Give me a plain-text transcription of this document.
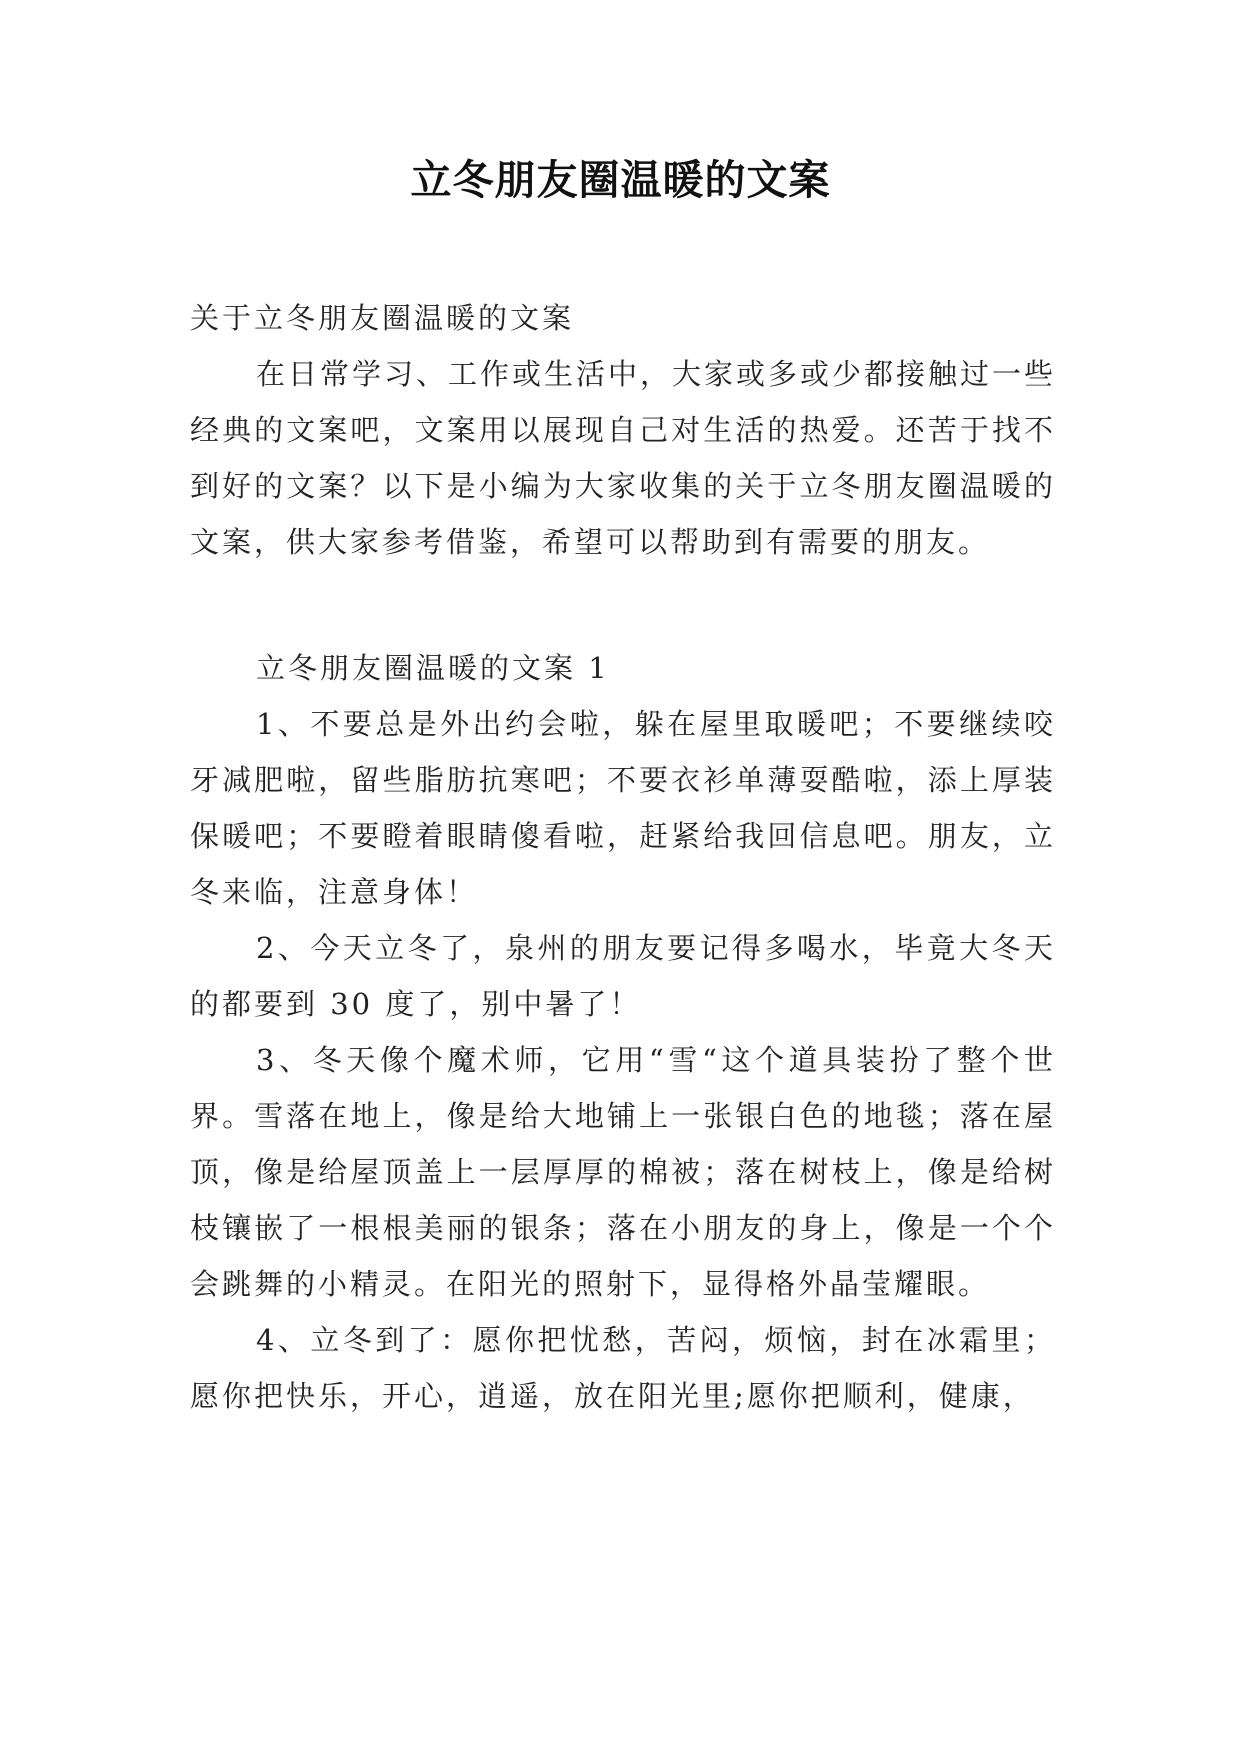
立冬朋友圈温暖的文案

关于立冬朋友圈温暖的文案

在日常学习、工作或生活中，大家或多或少都接触过一些经典的文案吧，文案用以展现自己对生活的热爱。还苦于找不到好的文案？以下是小编为大家收集的关于立冬朋友圈温暖的文案，供大家参考借鉴，希望可以帮助到有需要的朋友。

立冬朋友圈温暖的文案 1

1、不要总是外出约会啦，躲在屋里取暖吧；不要继续咬牙减肥啦，留些脂肪抗寒吧；不要衣衫单薄耍酷啦，添上厚装保暖吧；不要瞪着眼睛傻看啦，赶紧给我回信息吧。朋友，立冬来临，注意身体！

2、今天立冬了，泉州的朋友要记得多喝水，毕竟大冬天的都要到 30 度了，别中暑了！

3、冬天像个魔术师，它用“雪“这个道具装扮了整个世界。雪落在地上，像是给大地铺上一张银白色的地毯；落在屋顶，像是给屋顶盖上一层厚厚的棉被；落在树枝上，像是给树枝镶嵌了一根根美丽的银条；落在小朋友的身上，像是一个个会跳舞的小精灵。在阳光的照射下，显得格外晶莹耀眼。

4、立冬到了：愿你把忧愁，苦闷，烦恼，封在冰霜里；愿你把快乐，开心，逍遥，放在阳光里;愿你把顺利，健康，
